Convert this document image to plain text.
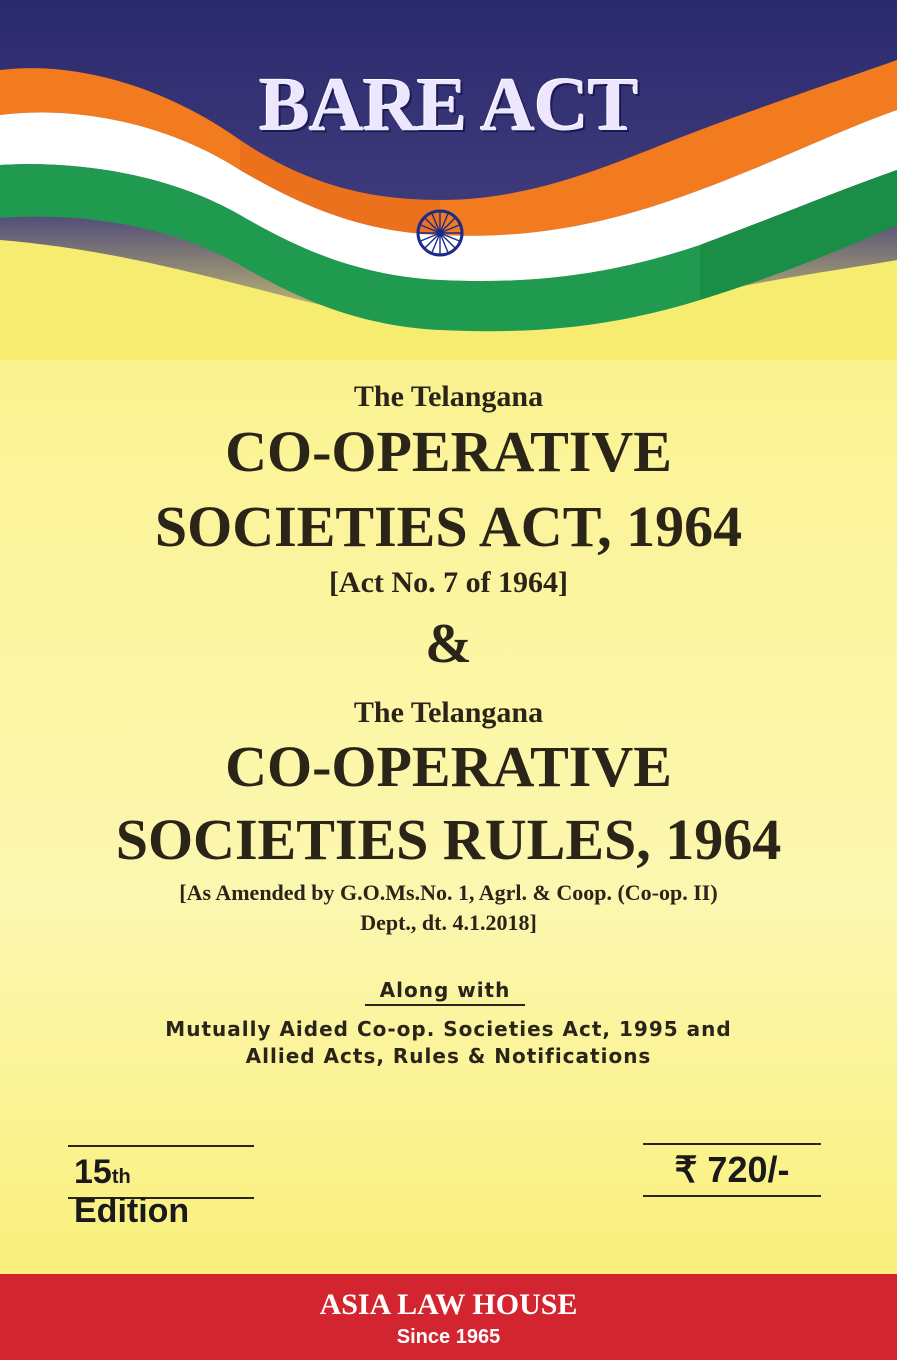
BARE ACT
The Telangana
CO-OPERATIVE
SOCIETIES ACT, 1964
[Act No. 7 of 1964]
&
The Telangana
CO-OPERATIVE
SOCIETIES RULES, 1964
[As Amended by G.O.Ms.No. 1, Agrl. & Coop. (Co-op. II)
Dept., dt. 4.1.2018]
Along with
Mutually Aided Co-op. Societies Act, 1995 and
Allied Acts, Rules & Notifications
15th Edition
₹ 720/-
ASIA LAW HOUSE
Since 1965
